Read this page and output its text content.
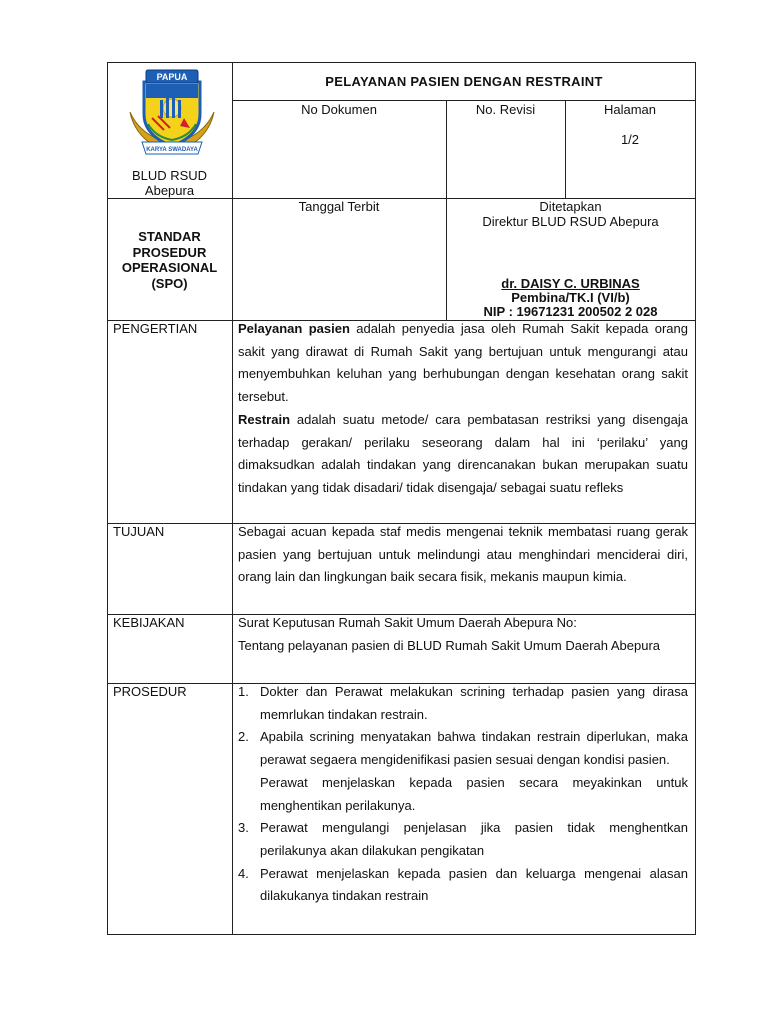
PAPUA
KARYA SWADAYA
BLUD RSUD
Abepura
PELAYANAN PASIEN DENGAN RESTRAINT
No Dokumen	No. Revisi	Halaman
1/2
STANDAR
PROSEDUR
OPERASIONAL
(SPO)
Tanggal Terbit	Ditetapkan
Direktur BLUD RSUD Abepura
dr. DAISY C. URBINAS
Pembina/TK.I (VI/b)
NIP : 19671231 200502 2 028
PENGERTIAN	Pelayanan pasien adalah penyedia jasa oleh Rumah Sakit kepada orang sakit yang dirawat di Rumah Sakit yang bertujuan untuk mengurangi atau menyembuhkan keluhan yang berhubungan dengan kesehatan orang sakit tersebut.

Restrain adalah suatu metode/ cara pembatasan restriksi yang disengaja terhadap gerakan/ perilaku seseorang dalam hal ini ‘perilaku’ yang dimaksudkan adalah tindakan yang direncanakan bukan merupakan suatu tindakan yang tidak disadari/ tidak disengaja/ sebagai suatu refleks

TUJUAN	Sebagai acuan kepada staf medis mengenai teknik membatasi ruang gerak pasien yang bertujuan untuk melindungi atau menghindari menciderai diri, orang lain dan lingkungan baik secara fisik, mekanis maupun kimia.
KEBIJAKAN	Surat Keputusan Rumah Sakit Umum Daerah Abepura No:

Tentang pelayanan pasien di BLUD Rumah Sakit Umum Daerah Abepura

PROSEDUR	1. Dokter dan Perawat melakukan scrining terhadap pasien yang dirasa memrlukan tindakan restrain.
2. Apabila scrining menyatakan bahwa tindakan restrain diperlukan, maka perawat segaera mengidenifikasi pasien sesuai dengan kondisi pasien.
Perawat menjelaskan kepada pasien secara meyakinkan untuk menghentikan perilakunya.
3. Perawat mengulangi penjelasan jika pasien tidak menghentkan perilakunya akan dilakukan pengikatan
4. Perawat menjelaskan kepada pasien dan keluarga mengenai alasan dilakukanya tindakan restrain
